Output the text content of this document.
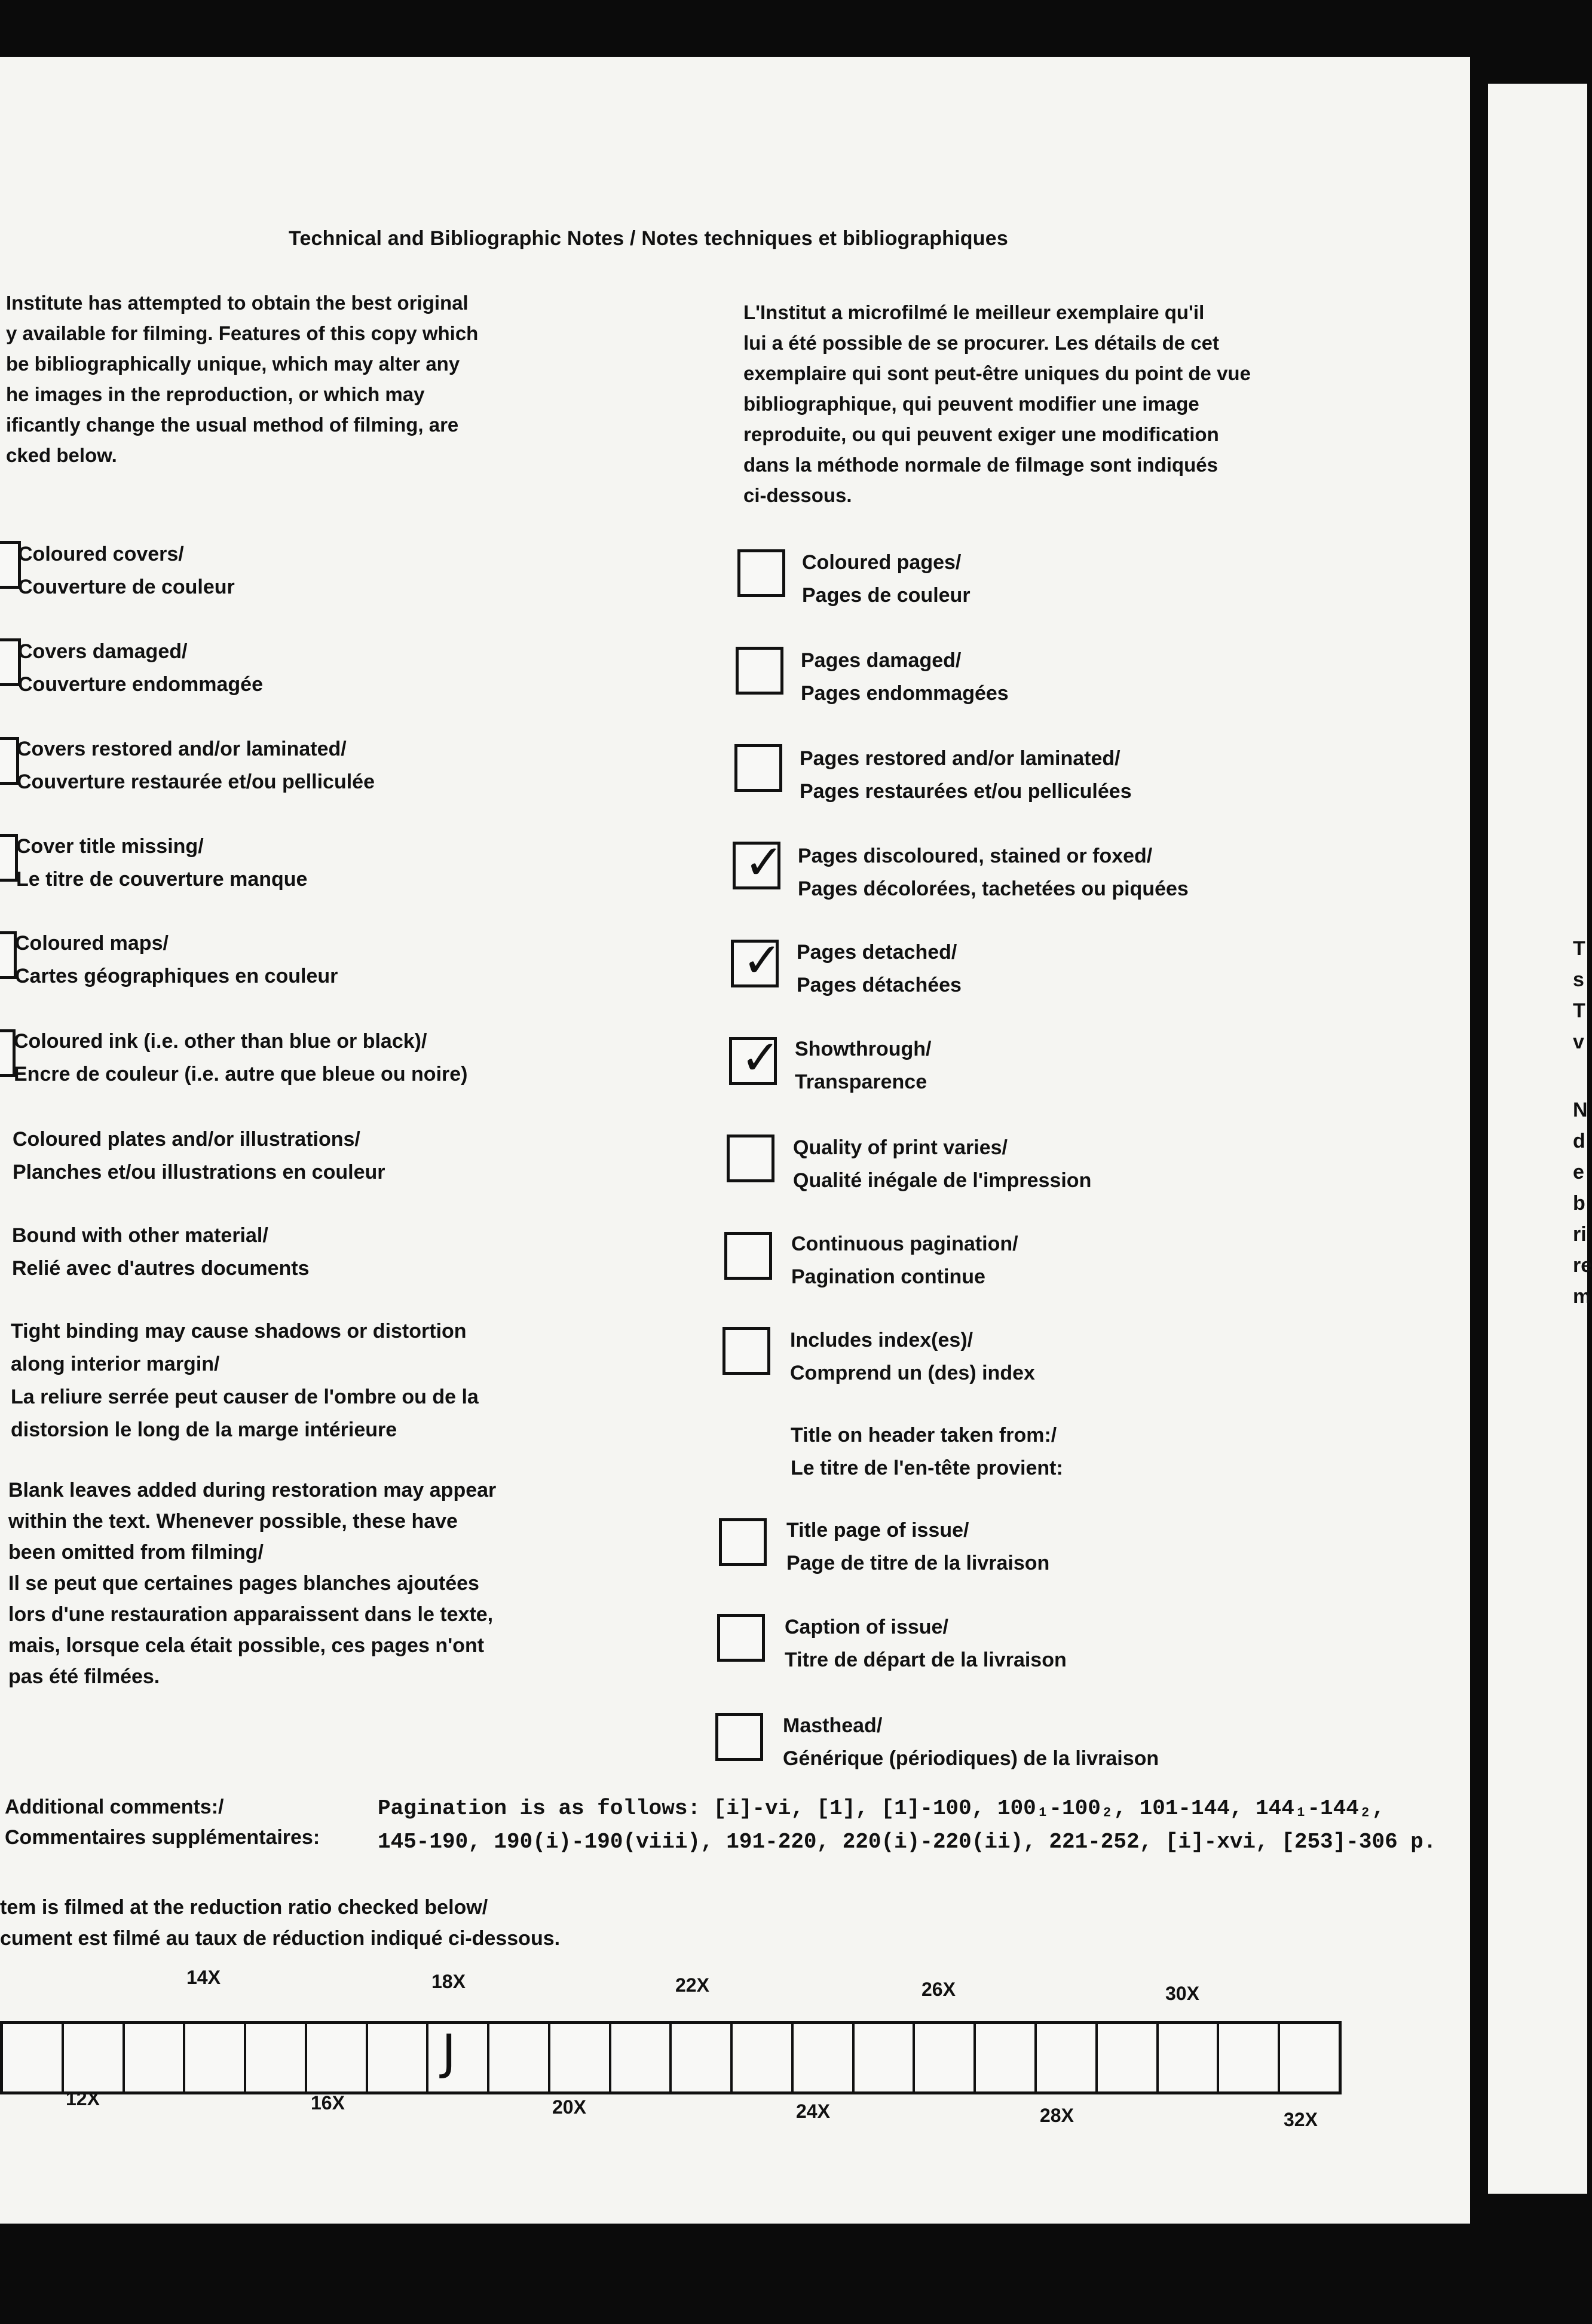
Technical and Bibliographic Notes / Notes techniques et bibliographiques
Institute has attempted to obtain the best original
y available for filming. Features of this copy which
be bibliographically unique, which may alter any
he images in the reproduction, or which may
ificantly change the usual method of filming, are
cked below.
L'Institut a microfilmé le meilleur exemplaire qu'il
lui a été possible de se procurer. Les détails de cet
exemplaire qui sont peut-être uniques du point de vue
bibliographique, qui peuvent modifier une image
reproduite, ou qui peuvent exiger une modification
dans la méthode normale de filmage sont indiqués
ci-dessous.
Coloured covers/
Couverture de couleur
Covers damaged/
Couverture endommagée
Covers restored and/or laminated/
Couverture restaurée et/ou pelliculée
Cover title missing/
Le titre de couverture manque
Coloured maps/
Cartes géographiques en couleur
Coloured ink (i.e. other than blue or black)/
Encre de couleur (i.e. autre que bleue ou noire)
Coloured plates and/or illustrations/
Planches et/ou illustrations en couleur
Bound with other material/
Relié avec d'autres documents
Tight binding may cause shadows or distortion
along interior margin/
La reliure serrée peut causer de l'ombre ou de la
distorsion le long de la marge intérieure
Blank leaves added during restoration may appear
within the text. Whenever possible, these have
been omitted from filming/
Il se peut que certaines pages blanches ajoutées
lors d'une restauration apparaissent dans le texte,
mais, lorsque cela était possible, ces pages n'ont
pas été filmées.
Coloured pages/
Pages de couleur
Pages damaged/
Pages endommagées
Pages restored and/or laminated/
Pages restaurées et/ou pelliculées
✓ Pages discoloured, stained or foxed/
Pages décolorées, tachetées ou piquées
✓ Pages detached/
Pages détachées
✓ Showthrough/
Transparence
Quality of print varies/
Qualité inégale de l'impression
Continuous pagination/
Pagination continue
Includes index(es)/
Comprend un (des) index
Title on header taken from:/
Le titre de l'en-tête provient:
Title page of issue/
Page de titre de la livraison
Caption of issue/
Titre de départ de la livraison
Masthead/
Générique (périodiques) de la livraison
Additional comments:/
Commentaires supplémentaires:
Pagination is as follows: [i]-vi, [1], [1]-100, 100₁-100₂, 101-144, 144₁-144₂,
145-190, 190(i)-190(viii), 191-220, 220(i)-220(ii), 221-252, [i]-xvi, [253]-306 p.
tem is filmed at the reduction ratio checked below/
cument est filmé au taux de réduction indiqué ci-dessous.
14X	18X	22X	26X	30X
J
12X	16X	20X	24X	28X	32X
T
s
T
v
N
d
e
b
ri
re
m
